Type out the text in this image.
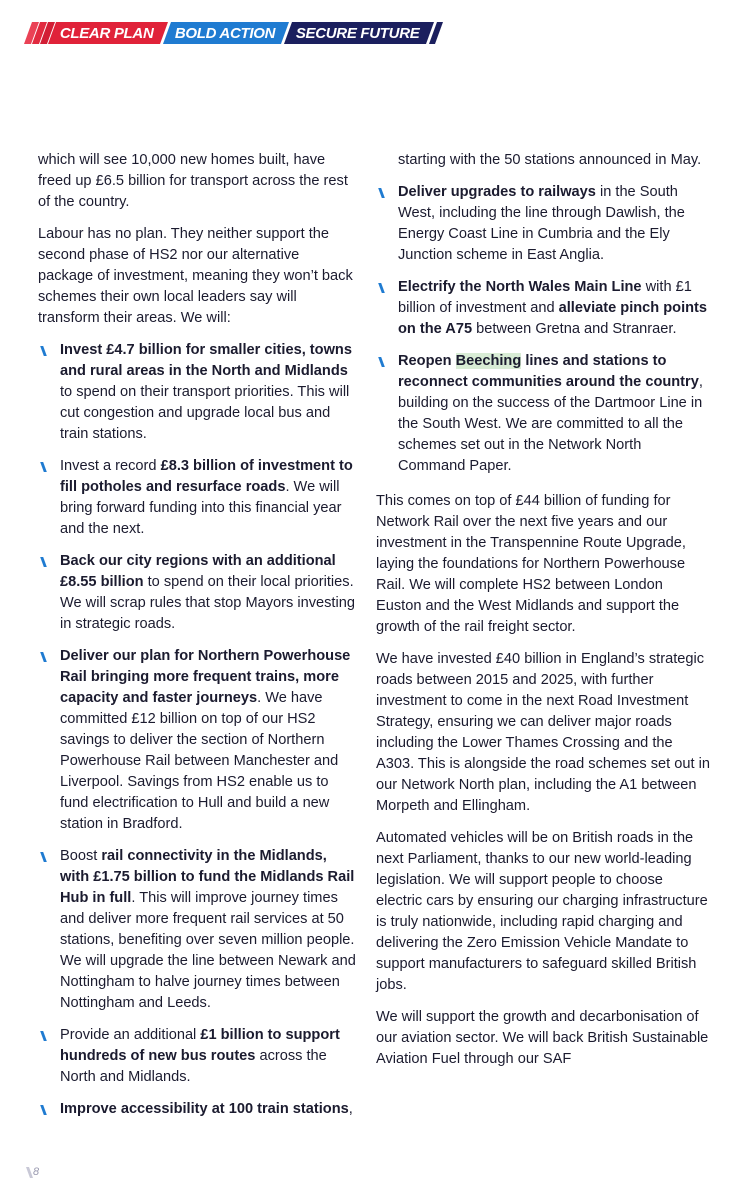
CLEAR PLAN BOLD ACTION SECURE FUTURE

which will see 10,000 new homes built, have freed up £6.5 billion for transport across the rest of the country.

Labour has no plan. They neither support the second phase of HS2 nor our alternative package of investment, meaning they won’t back schemes their own local leaders say will transform their areas. We will:

Invest £4.7 billion for smaller cities, towns and rural areas in the North and Midlands to spend on their transport priorities. This will cut congestion and upgrade local bus and train stations.
Invest a record £8.3 billion of investment to fill potholes and resurface roads. We will bring forward funding into this financial year and the next.
Back our city regions with an additional £8.55 billion to spend on their local priorities. We will scrap rules that stop Mayors investing in strategic roads.
Deliver our plan for Northern Powerhouse Rail bringing more frequent trains, more capacity and faster journeys. We have committed £12 billion on top of our HS2 savings to deliver the section of Northern Powerhouse Rail between Manchester and Liverpool. Savings from HS2 enable us to fund electrification to Hull and build a new station in Bradford.
Boost rail connectivity in the Midlands, with £1.75 billion to fund the Midlands Rail Hub in full. This will improve journey times and deliver more frequent rail services at 50 stations, benefiting over seven million people. We will upgrade the line between Newark and Nottingham to halve journey times between Nottingham and Leeds.
Provide an additional £1 billion to support hundreds of new bus routes across the North and Midlands.
Improve accessibility at 100 train stations,

starting with the 50 stations announced in May.

Deliver upgrades to railways in the South West, including the line through Dawlish, the Energy Coast Line in Cumbria and the Ely Junction scheme in East Anglia.
Electrify the North Wales Main Line with £1 billion of investment and alleviate pinch points on the A75 between Gretna and Stranraer.
Reopen Beeching lines and stations to reconnect communities around the country, building on the success of the Dartmoor Line in the South West. We are committed to all the schemes set out in the Network North Command Paper.

This comes on top of £44 billion of funding for Network Rail over the next five years and our investment in the Transpennine Route Upgrade, laying the foundations for Northern Powerhouse Rail. We will complete HS2 between London Euston and the West Midlands and support the growth of the rail freight sector.

We have invested £40 billion in England’s strategic roads between 2015 and 2025, with further investment to come in the next Road Investment Strategy, ensuring we can deliver major roads including the Lower Thames Crossing and the A303. This is alongside the road schemes set out in our Network North plan, including the A1 between Morpeth and Ellingham.

Automated vehicles will be on British roads in the next Parliament, thanks to our new world-leading legislation. We will support people to choose electric cars by ensuring our charging infrastructure is truly nationwide, including rapid charging and delivering the Zero Emission Vehicle Mandate to support manufacturers to safeguard skilled British jobs.

We will support the growth and decarbonisation of our aviation sector. We will back British Sustainable Aviation Fuel through our SAF

8
